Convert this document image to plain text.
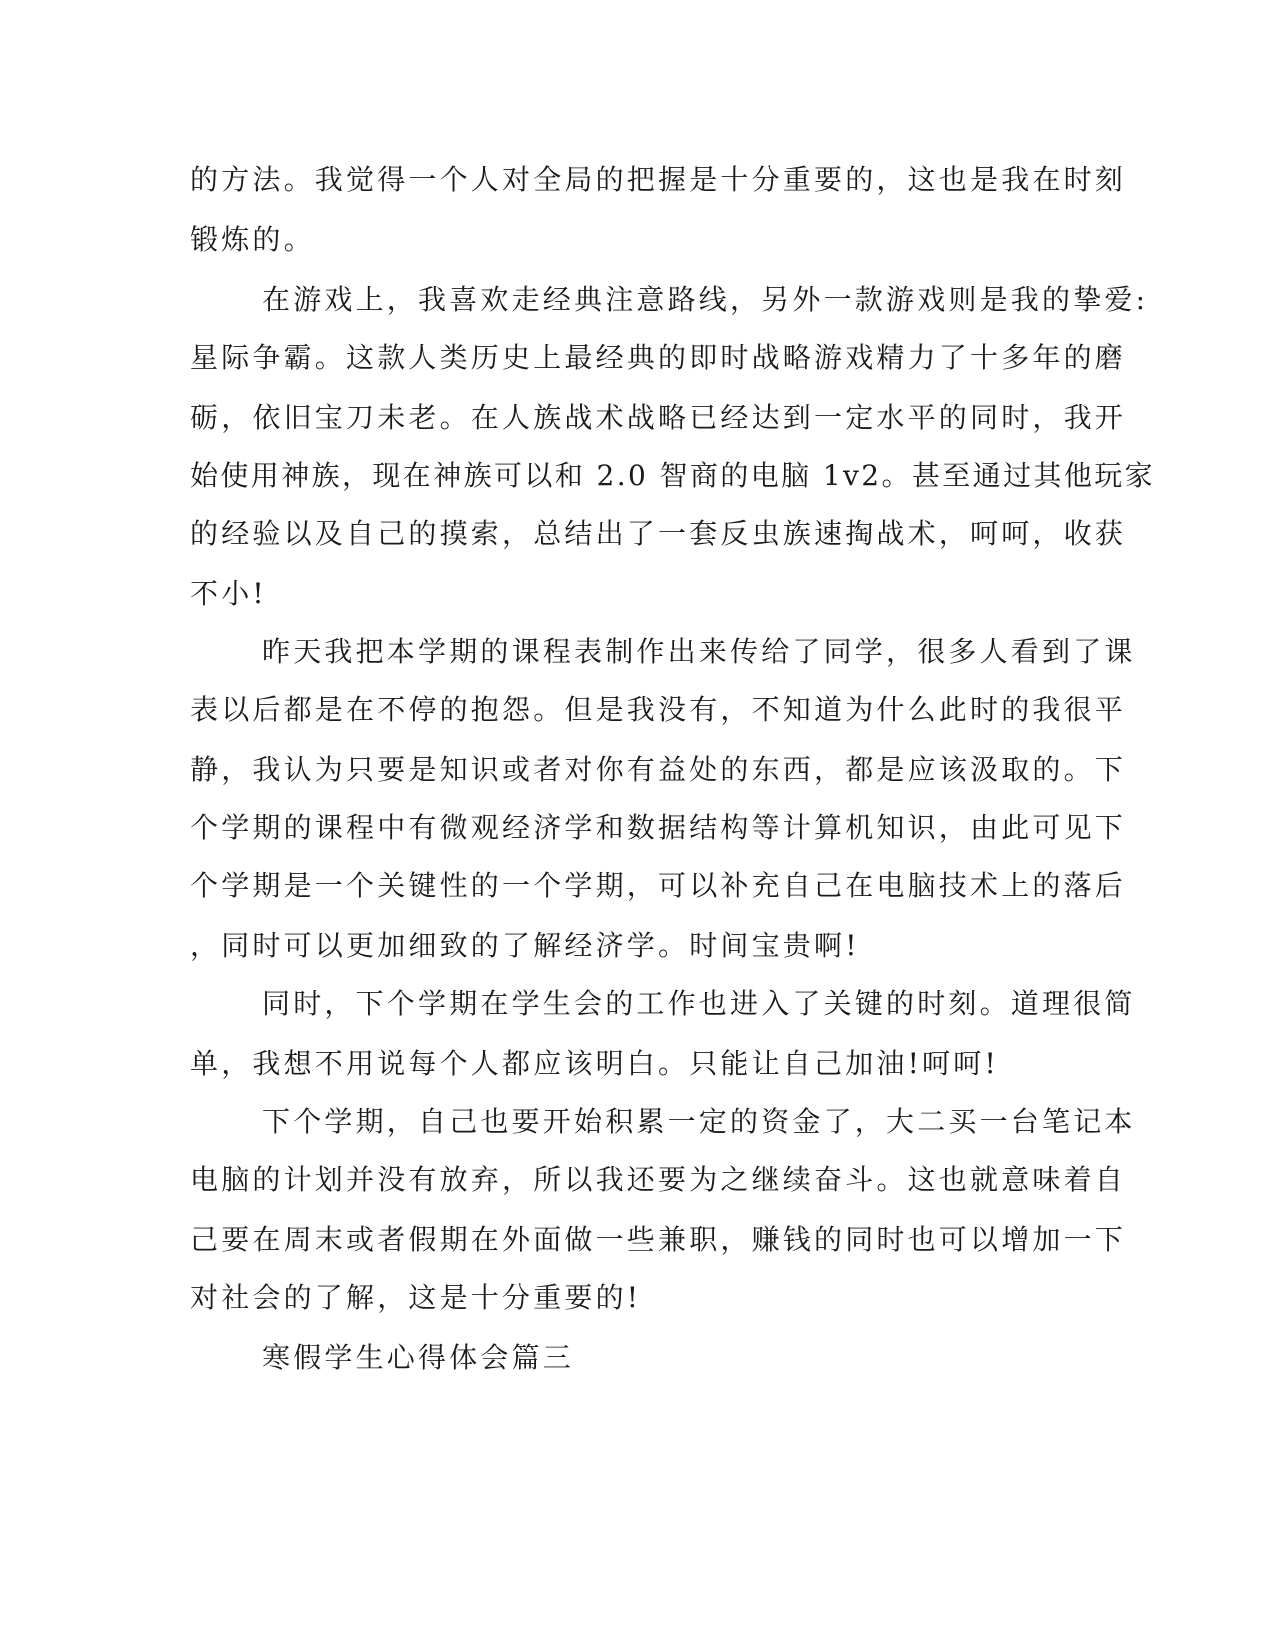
的方法。我觉得一个人对全局的把握是十分重要的，这也是我在时刻
锻炼的。
在游戏上，我喜欢走经典注意路线，另外一款游戏则是我的挚爱:
星际争霸。这款人类历史上最经典的即时战略游戏精力了十多年的磨
砺，依旧宝刀未老。在人族战术战略已经达到一定水平的同时，我开
始使用神族，现在神族可以和 2.0 智商的电脑 1v2。甚至通过其他玩家
的经验以及自己的摸索，总结出了一套反虫族速掏战术，呵呵，收获
不小!
昨天我把本学期的课程表制作出来传给了同学，很多人看到了课
表以后都是在不停的抱怨。但是我没有，不知道为什么此时的我很平
静，我认为只要是知识或者对你有益处的东西，都是应该汲取的。下
个学期的课程中有微观经济学和数据结构等计算机知识，由此可见下
个学期是一个关键性的一个学期，可以补充自己在电脑技术上的落后
，同时可以更加细致的了解经济学。时间宝贵啊!
同时，下个学期在学生会的工作也进入了关键的时刻。道理很简
单，我想不用说每个人都应该明白。只能让自己加油!呵呵!
下个学期，自己也要开始积累一定的资金了，大二买一台笔记本
电脑的计划并没有放弃，所以我还要为之继续奋斗。这也就意味着自
己要在周末或者假期在外面做一些兼职，赚钱的同时也可以增加一下
对社会的了解，这是十分重要的!
寒假学生心得体会篇三
